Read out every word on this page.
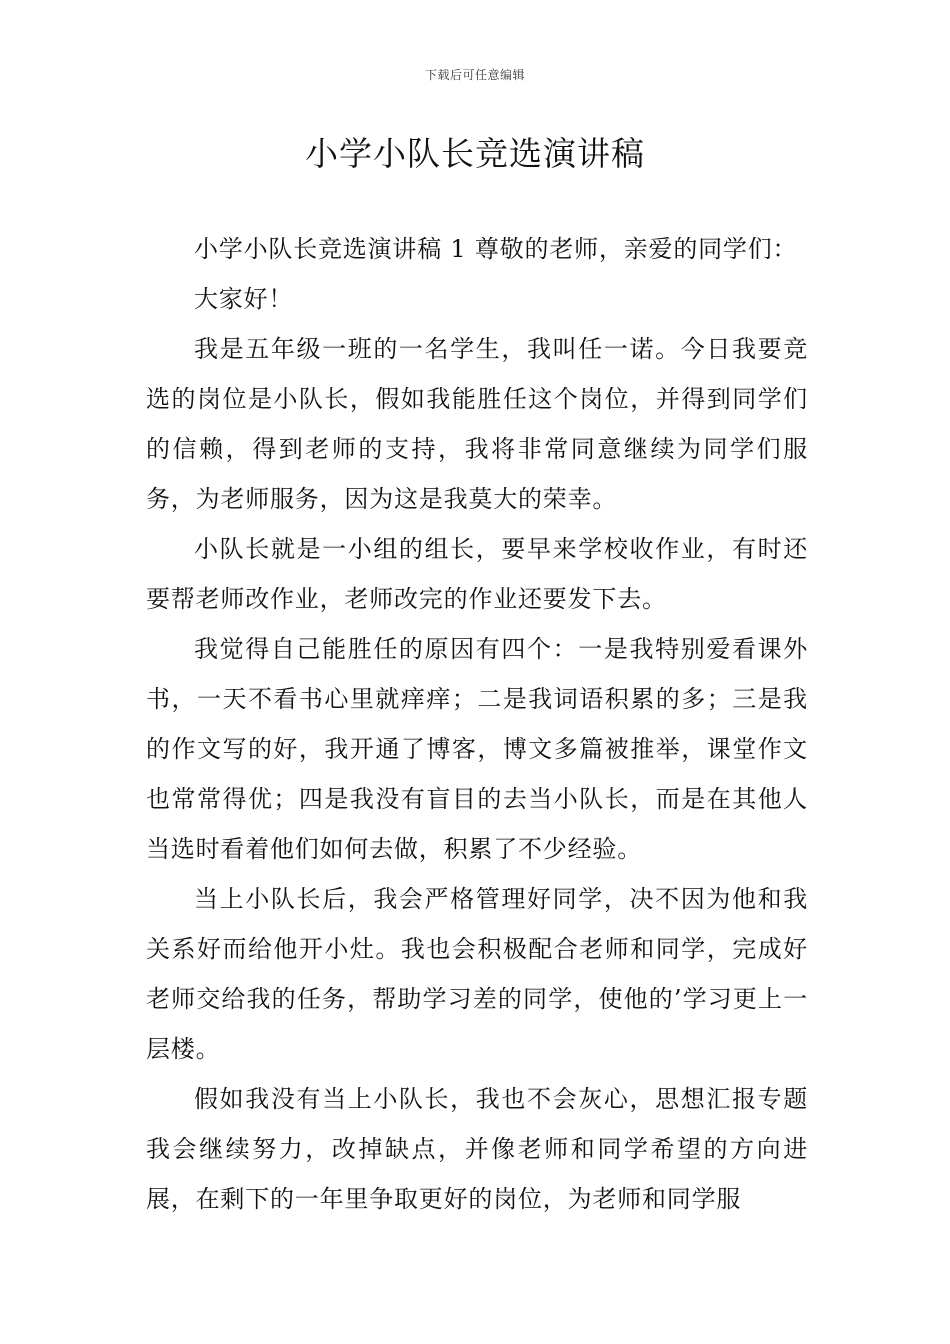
下载后可任意编辑
小学小队长竞选演讲稿

小学小队长竞选演讲稿 1 尊敬的老师，亲爱的同学们：

大家好！

我是五年级一班的一名学生，我叫任一诺。今日我要竞选的岗位是小队长，假如我能胜任这个岗位，并得到同学们的信赖，得到老师的支持，我将非常同意继续为同学们服务，为老师服务，因为这是我莫大的荣幸。

小队长就是一小组的组长，要早来学校收作业，有时还要帮老师改作业，老师改完的作业还要发下去。

我觉得自己能胜任的原因有四个：一是我特别爱看课外书，一天不看书心里就痒痒；二是我词语积累的多；三是我的作文写的好，我开通了博客，博文多篇被推举，课堂作文也常常得优；四是我没有盲目的去当小队长，而是在其他人当选时看着他们如何去做，积累了不少经验。

当上小队长后，我会严格管理好同学，决不因为他和我关系好而给他开小灶。我也会积极配合老师和同学，完成好老师交给我的任务，帮助学习差的同学，使他的’学习更上一层楼。

假如我没有当上小队长，我也不会灰心，思想汇报专题我会继续努力，改掉缺点，并像老师和同学希望的方向进展，在剩下的一年里争取更好的岗位，为老师和同学服
